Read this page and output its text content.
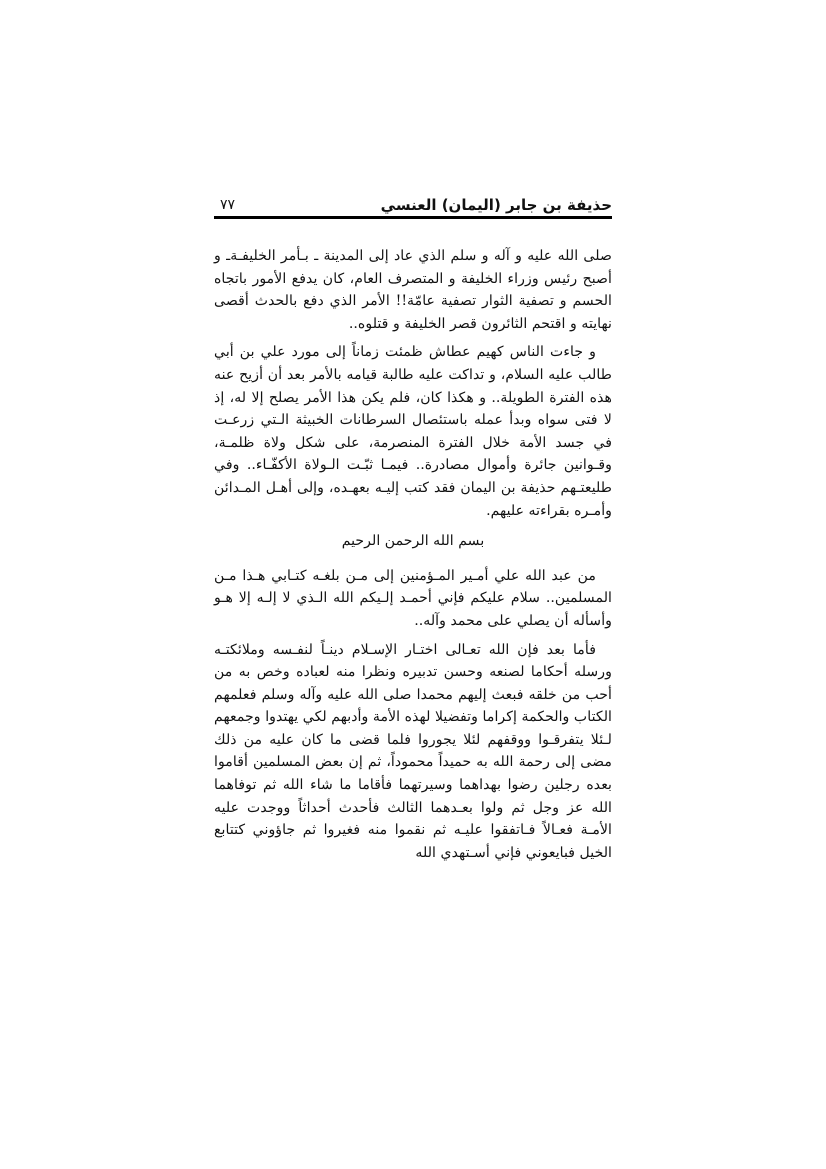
حذيفة بن جابر (اليمان) العنسي
٧٧

صلى الله عليه و آله و سلم الذي عاد إلى المدينة ـ بـأمر الخليفـةـ و أصبح رئيس وزراء الخليفة و المتصرف العام، كان يدفع الأمور باتجاه الحسم و تصفية الثوار تصفية عامّة!! الأمر الذي دفع بالحدث أقصى نهايته و اقتحم الثائرون قصر الخليفة و قتلوه..

و جاءت الناس كهيم عطاش ظمئت زماناً إلى مورد علي بن أبي طالب عليه السلام، و تداكت عليه طالبة قيامه بالأمر بعد أن أزيح عنه هذه الفترة الطويلة.. و هكذا كان، فلم يكن هذا الأمر يصلح إلا له، إذ لا فتى سواه وبدأ عمله باستئصال السرطانات الخبيثة الـتي زرعـت في جسد الأمة خلال الفترة المنصرمة، على شكل ولاة ظلمـة، وقـوانين جائرة وأموال مصادرة.. فيمـا ثبّـت الـولاة الأكفّـاء.. وفي طليعتـهم حذيفة بن اليمان فقد كتب إليـه بعهـده، وإلى أهـل المـدائن وأمـره بقراءته عليهم.

بسم الله الرحمن الرحيم

من عبد الله علي أمـير المـؤمنين إلى مـن بلغـه كتـابي هـذا مـن المسلمين.. سلام عليكم فإني أحمـد إلـيكم الله الـذي لا إلـه إلا هـو وأسأله أن يصلي على محمد وآله..

فأما بعد فإن الله تعـالى اختـار الإسـلام دينـاً لنفـسه وملائكتـه ورسله أحكاما لصنعه وحسن تدبيره ونظرا منه لعباده وخص به من أحب من خلقه فبعث إليهم محمدا صلى الله عليه وآله وسلم فعلمهم الكتاب والحكمة إكراما وتفضيلا لهذه الأمة وأدبهم لكي يهتدوا وجمعهم لـئلا يتفرقـوا ووقفهم لئلا يجوروا فلما قضى ما كان عليه من ذلك مضى إلى رحمة الله به حميداً محموداً، ثم إن بعض المسلمين أقاموا بعده رجلين رضوا بهداهما وسيرتهما فأقاما ما شاء الله ثم توفاهما الله عز وجل ثم ولوا بعـدهما الثالث فأحدث أحداثاً ووجدت عليه الأمـة فعـالاً فـاتفقوا عليـه ثم نقموا منه فغيروا ثم جاؤوني كتتابع الخيل فبايعوني فإني أسـتهدي الله
